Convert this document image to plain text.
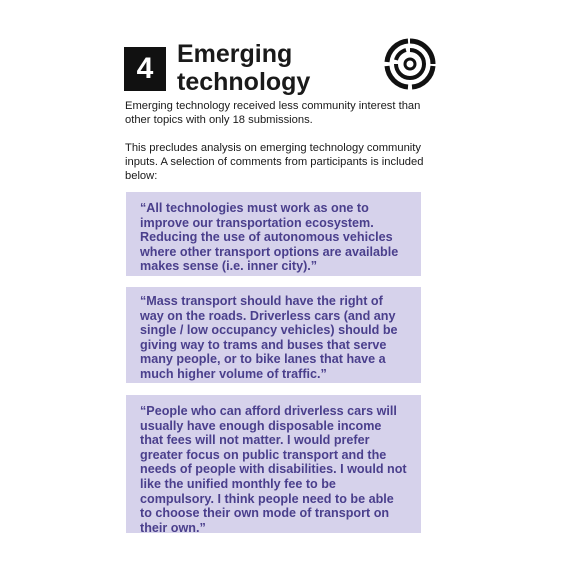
4 Emerging
technology
Emerging technology received less community interest than other topics with only 18 submissions.
This precludes analysis on emerging technology community inputs. A selection of comments from participants is included below:
“All technologies must work as one to improve our transportation ecosystem. Reducing the use of autonomous vehicles where other transport options are available makes sense (i.e. inner city).”
“Mass transport should have the right of way on the roads. Driverless cars (and any single / low occupancy vehicles) should be giving way to trams and buses that serve many people, or to bike lanes that have a much higher volume of traffic.”
“People who can afford driverless cars will usually have enough disposable income that fees will not matter. I would prefer greater focus on public transport and the needs of people with disabilities. I would not like the unified monthly fee to be compulsory. I think people need to be able to choose their own mode of transport on their own.”
